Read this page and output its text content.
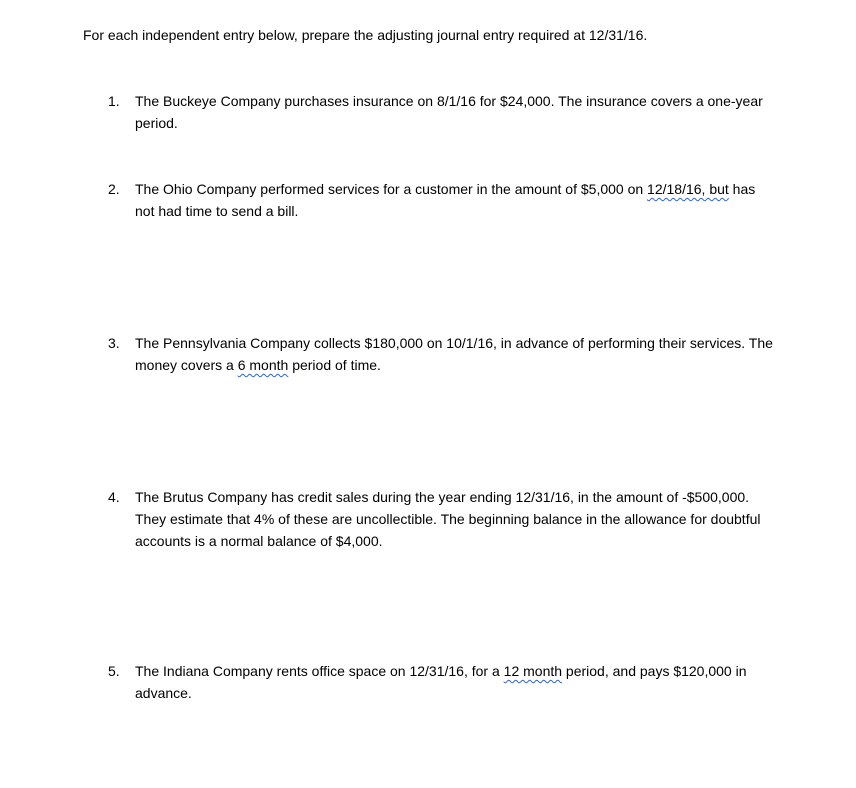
For each independent entry below, prepare the adjusting journal entry required at 12/31/16.
1.	The Buckeye Company purchases insurance on 8/1/16 for $24,000. The insurance covers a one-year period.
2.	The Ohio Company performed services for a customer in the amount of $5,000 on 12/18/16, but has not had time to send a bill.
3.	The Pennsylvania Company collects $180,000 on 10/1/16, in advance of performing their services. The money covers a 6 month period of time.
4.	The Brutus Company has credit sales during the year ending 12/31/16, in the amount of -$500,000. They estimate that 4% of these are uncollectible. The beginning balance in the allowance for doubtful accounts is a normal balance of $4,000.
5.	The Indiana Company rents office space on 12/31/16, for a 12 month period, and pays $120,000 in advance.
